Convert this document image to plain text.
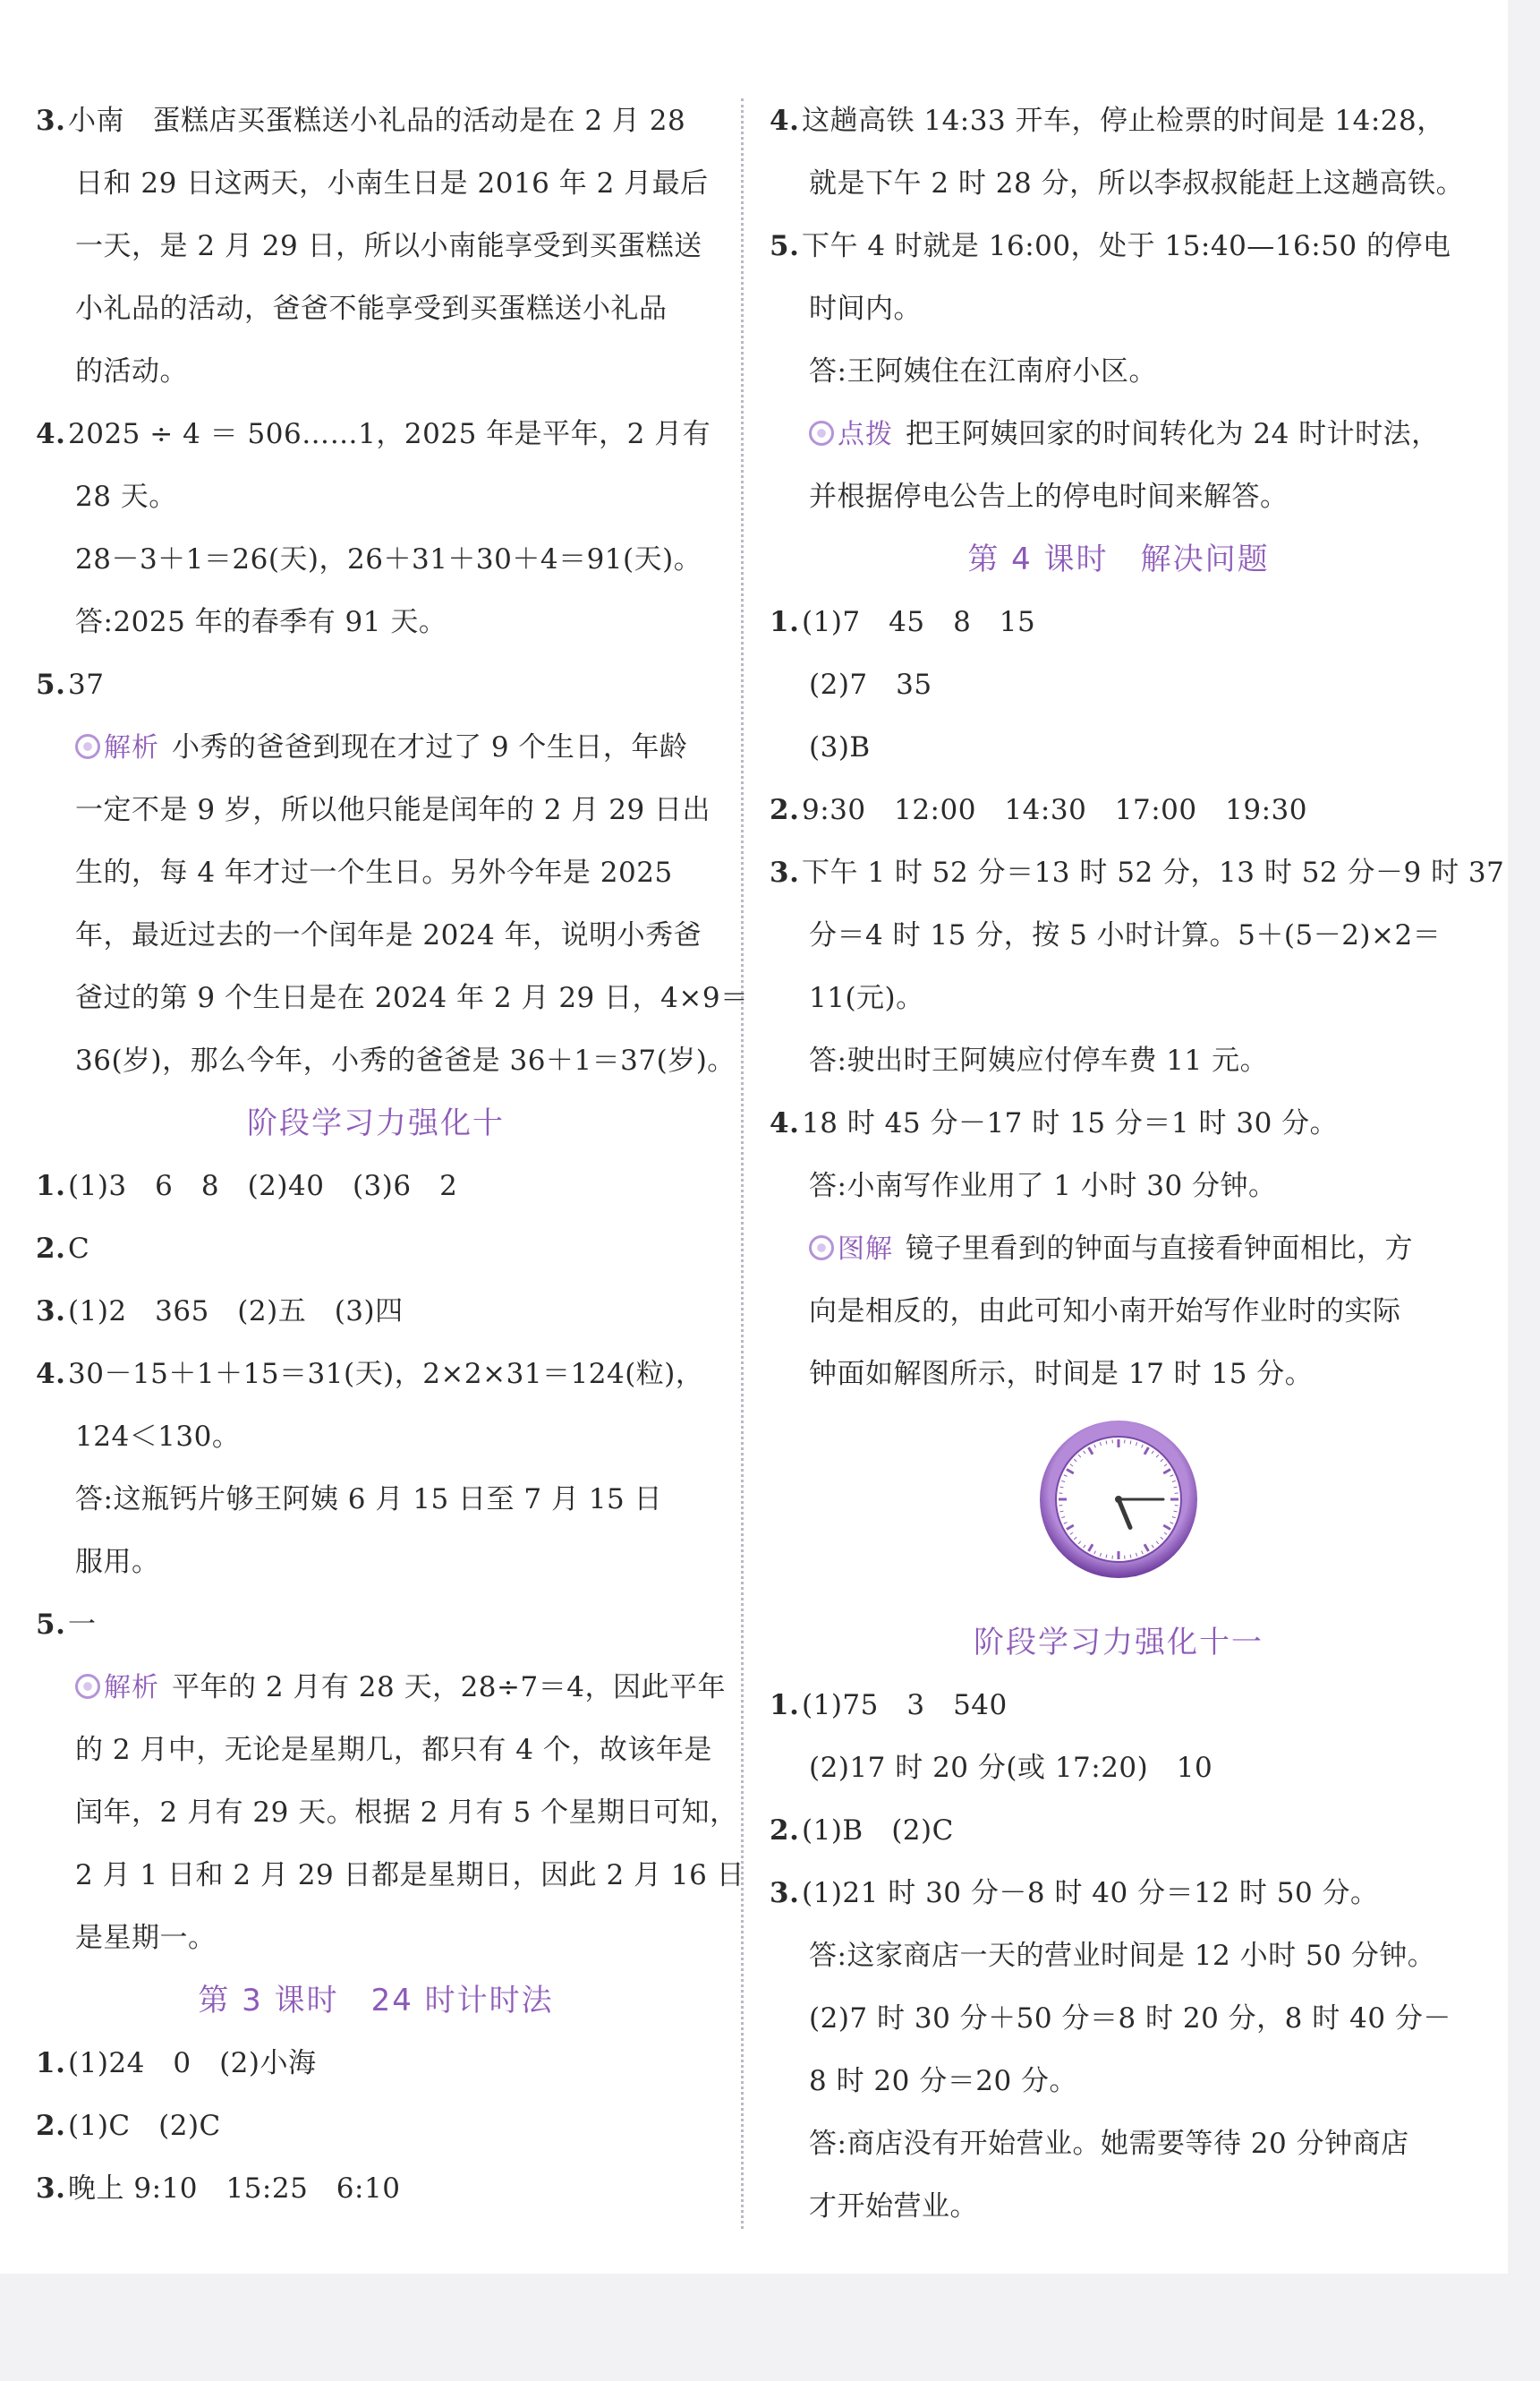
3.小南　蛋糕店买蛋糕送小礼品的活动是在 2 月 28
日和 29 日这两天，小南生日是 2016 年 2 月最后
一天，是 2 月 29 日，所以小南能享受到买蛋糕送
小礼品的活动，爸爸不能享受到买蛋糕送小礼品
的活动。
4.2025 ÷ 4 ＝ 506……1，2025 年是平年，2 月有
28 天。
28－3＋1＝26(天)，26＋31＋30＋4＝91(天)。
答:2025 年的春季有 91 天。
5.37
解析 小秀的爸爸到现在才过了 9 个生日，年龄
一定不是 9 岁，所以他只能是闰年的 2 月 29 日出
生的，每 4 年才过一个生日。另外今年是 2025
年，最近过去的一个闰年是 2024 年，说明小秀爸
爸过的第 9 个生日是在 2024 年 2 月 29 日，4×9＝
36(岁)，那么今年，小秀的爸爸是 36＋1＝37(岁)。
阶段学习力强化十
1.(1)3　6　8　(2)40　(3)6　2
2.C
3.(1)2　365　(2)五　(3)四
4.30－15＋1＋15＝31(天)，2×2×31＝124(粒)，
124＜130。
答:这瓶钙片够王阿姨 6 月 15 日至 7 月 15 日
服用。
5.一
解析 平年的 2 月有 28 天，28÷7＝4，因此平年
的 2 月中，无论是星期几，都只有 4 个，故该年是
闰年，2 月有 29 天。根据 2 月有 5 个星期日可知，
2 月 1 日和 2 月 29 日都是星期日，因此 2 月 16 日
是星期一。
第 3 课时　24 时计时法
1.(1)24　0　(2)小海
2.(1)C　(2)C
3.晚上 9:10　15:25　6:10
4.这趟高铁 14:33 开车，停止检票的时间是 14:28，
就是下午 2 时 28 分，所以李叔叔能赶上这趟高铁。
5.下午 4 时就是 16:00，处于 15:40—16:50 的停电
时间内。
答:王阿姨住在江南府小区。
点拨 把王阿姨回家的时间转化为 24 时计时法，
并根据停电公告上的停电时间来解答。
第 4 课时　解决问题
1.(1)7　45　8　15
(2)7　35
(3)B
2.9:30　12:00　14:30　17:00　19:30
3.下午 1 时 52 分＝13 时 52 分，13 时 52 分－9 时 37
分＝4 时 15 分，按 5 小时计算。5＋(5－2)×2＝
11(元)。
答:驶出时王阿姨应付停车费 11 元。
4.18 时 45 分－17 时 15 分＝1 时 30 分。
答:小南写作业用了 1 小时 30 分钟。
图解 镜子里看到的钟面与直接看钟面相比，方
向是相反的，由此可知小南开始写作业时的实际
钟面如解图所示，时间是 17 时 15 分。
阶段学习力强化十一
1.(1)75　3　540
(2)17 时 20 分(或 17:20)　10
2.(1)B　(2)C
3.(1)21 时 30 分－8 时 40 分＝12 时 50 分。
答:这家商店一天的营业时间是 12 小时 50 分钟。
(2)7 时 30 分＋50 分＝8 时 20 分，8 时 40 分－
8 时 20 分＝20 分。
答:商店没有开始营业。她需要等待 20 分钟商店
才开始营业。
